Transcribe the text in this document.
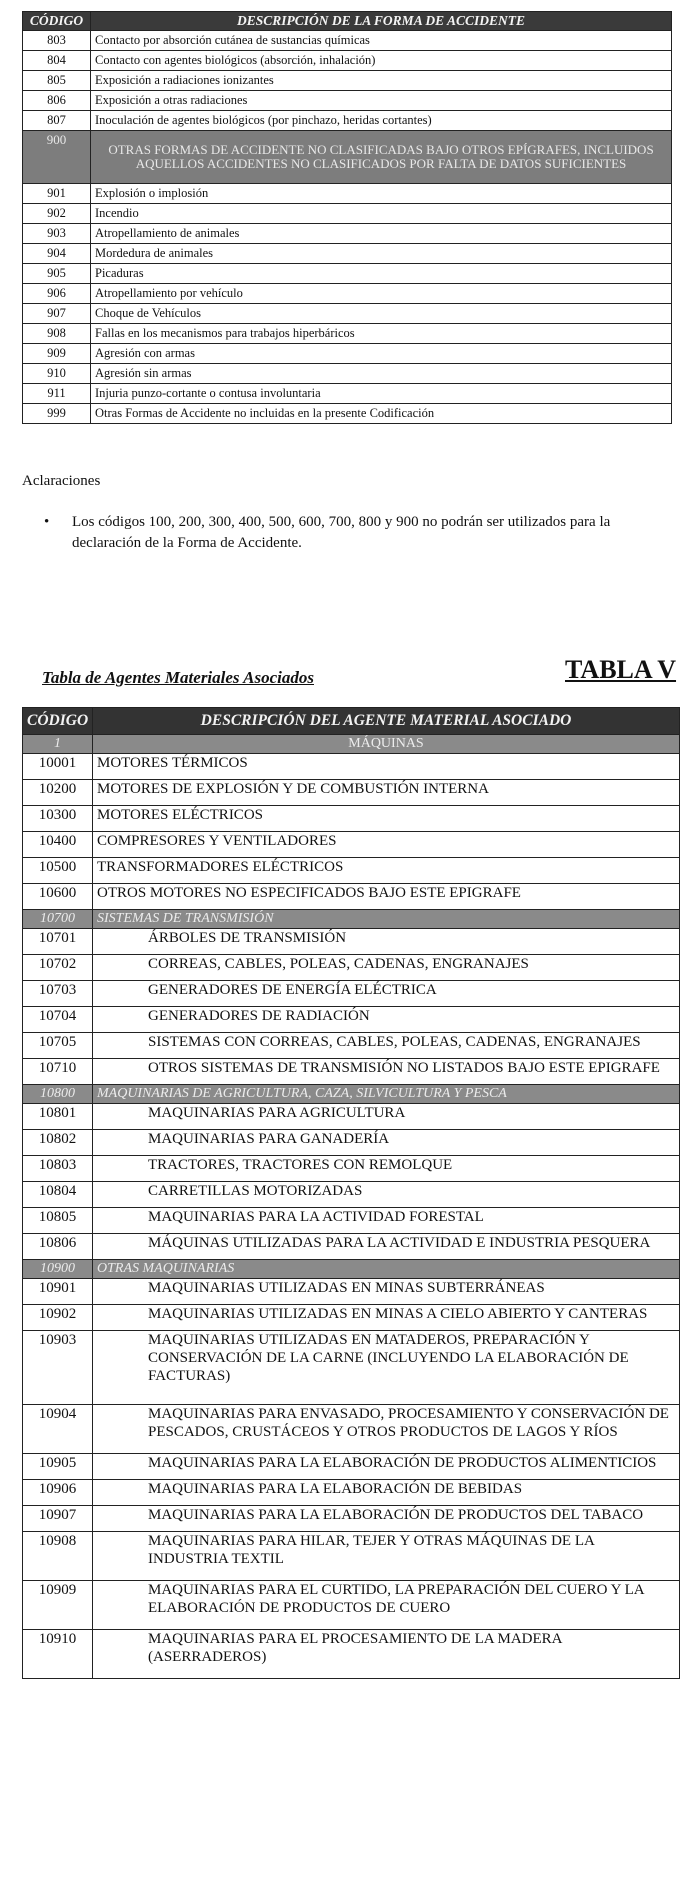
CÓDIGO	DESCRIPCIÓN DE LA FORMA DE ACCIDENTE
803	Contacto por absorción cutánea de sustancias químicas
804	Contacto con agentes biológicos (absorción, inhalación)
805	Exposición a radiaciones ionizantes
806	Exposición a otras radiaciones
807	Inoculación de agentes biológicos (por pinchazo, heridas cortantes)
900	OTRAS FORMAS DE ACCIDENTE NO CLASIFICADAS BAJO OTROS EPÍGRAFES, INCLUIDOS AQUELLOS ACCIDENTES NO CLASIFICADOS POR FALTA DE DATOS SUFICIENTES
901	Explosión o implosión
902	Incendio
903	Atropellamiento de animales
904	Mordedura de animales
905	Picaduras
906	Atropellamiento por vehículo
907	Choque de Vehículos
908	Fallas en los mecanismos para trabajos hiperbáricos
909	Agresión con armas
910	Agresión sin armas
911	Injuria punzo-cortante o contusa involuntaria
999	Otras Formas de Accidente no incluidas en la presente Codificación
Aclaraciones
• Los códigos 100, 200, 300, 400, 500, 600, 700, 800 y 900 no podrán ser utilizados para la declaración de la Forma de Accidente.
Tabla de Agentes Materiales Asociados	TABLA V
CÓDIGO	DESCRIPCIÓN DEL AGENTE MATERIAL ASOCIADO
1	MÁQUINAS
10001	MOTORES TÉRMICOS
10200	MOTORES DE EXPLOSIÓN Y DE COMBUSTIÓN INTERNA
10300	MOTORES ELÉCTRICOS
10400	COMPRESORES Y VENTILADORES
10500	TRANSFORMADORES ELÉCTRICOS
10600	OTROS MOTORES NO ESPECIFICADOS BAJO ESTE EPIGRAFE
10700	SISTEMAS DE TRANSMISIÓN
10701	ÁRBOLES DE TRANSMISIÓN
10702	CORREAS, CABLES, POLEAS, CADENAS, ENGRANAJES
10703	GENERADORES DE ENERGÍA ELÉCTRICA
10704	GENERADORES DE RADIACIÓN
10705	SISTEMAS CON CORREAS, CABLES, POLEAS, CADENAS, ENGRANAJES
10710	OTROS SISTEMAS DE TRANSMISIÓN NO LISTADOS BAJO ESTE EPIGRAFE
10800	MAQUINARIAS DE AGRICULTURA, CAZA, SILVICULTURA Y PESCA
10801	MAQUINARIAS PARA AGRICULTURA
10802	MAQUINARIAS PARA GANADERÍA
10803	TRACTORES, TRACTORES CON REMOLQUE
10804	CARRETILLAS MOTORIZADAS
10805	MAQUINARIAS PARA LA ACTIVIDAD FORESTAL
10806	MÁQUINAS UTILIZADAS PARA LA ACTIVIDAD E INDUSTRIA PESQUERA
10900	OTRAS MAQUINARIAS
10901	MAQUINARIAS UTILIZADAS EN MINAS SUBTERRÁNEAS
10902	MAQUINARIAS UTILIZADAS EN MINAS A CIELO ABIERTO Y CANTERAS
10903	MAQUINARIAS UTILIZADAS EN MATADEROS, PREPARACIÓN Y CONSERVACIÓN DE LA CARNE (INCLUYENDO LA ELABORACIÓN DE FACTURAS)
10904	MAQUINARIAS PARA ENVASADO, PROCESAMIENTO Y CONSERVACIÓN DE PESCADOS, CRUSTÁCEOS Y OTROS PRODUCTOS DE LAGOS Y RÍOS
10905	MAQUINARIAS PARA LA ELABORACIÓN DE PRODUCTOS ALIMENTICIOS
10906	MAQUINARIAS PARA LA ELABORACIÓN DE BEBIDAS
10907	MAQUINARIAS PARA LA ELABORACIÓN DE PRODUCTOS DEL TABACO
10908	MAQUINARIAS PARA HILAR, TEJER Y OTRAS MÁQUINAS DE LA INDUSTRIA TEXTIL
10909	MAQUINARIAS PARA EL CURTIDO, LA PREPARACIÓN DEL CUERO Y LA ELABORACIÓN DE PRODUCTOS DE CUERO
10910	MAQUINARIAS PARA EL PROCESAMIENTO DE LA MADERA (ASERRADEROS)
